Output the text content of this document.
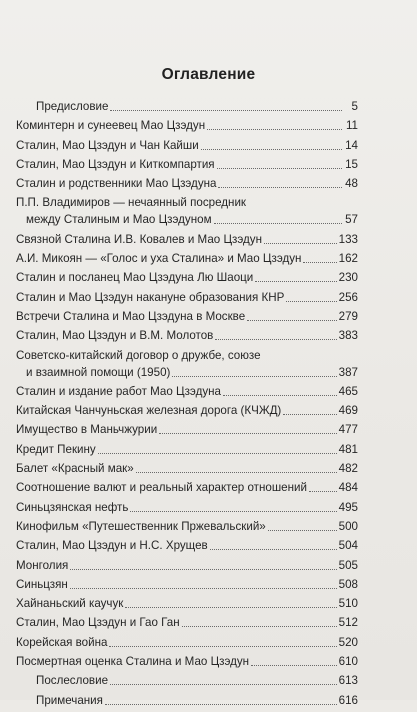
Оглавление
Предисловие	5
Коминтерн и сунеевец Мао Цзэдун	11
Сталин, Мао Цзэдун и Чан Кайши	14
Сталин, Мао Цзэдун и Киткомпартия	15
Сталин и родственники Мао Цзэдуна	48
П.П. Владимиров — нечаянный посредник
между Сталиным и Мао Цзэдуном	57
Связной Сталина И.В. Ковалев и Мао Цзэдун	133
А.И. Микоян — «Голос и уха Сталина» и Мао Цзэдун	162
Сталин и посланец Мао Цзэдуна Лю Шаоци	230
Сталин и Мао Цзэдун накануне образования КНР	256
Встречи Сталина и Мао Цзэдуна в Москве	279
Сталин, Мао Цзэдун и В.М. Молотов	383
Советско-китайский договор о дружбе, союзе
и взаимной помощи (1950)	387
Сталин и издание работ Мао Цзэдуна	465
Китайская Чанчуньская железная дорога (КЧЖД)	469
Имущество в Маньчжурии	477
Кредит Пекину	481
Балет «Красный мак»	482
Соотношение валют и реальный характер отношений	484
Синьцзянская нефть	495
Кинофильм «Путешественник Пржевальский»	500
Сталин, Мао Цзэдун и Н.С. Хрущев	504
Монголия	505
Синьцзян	508
Хайнаньский каучук	510
Сталин, Мао Цзэдун и Гао Ган	512
Корейская война	520
Посмертная оценка Сталина и Мао Цзэдун	610
Послесловие	613
Примечания	616
